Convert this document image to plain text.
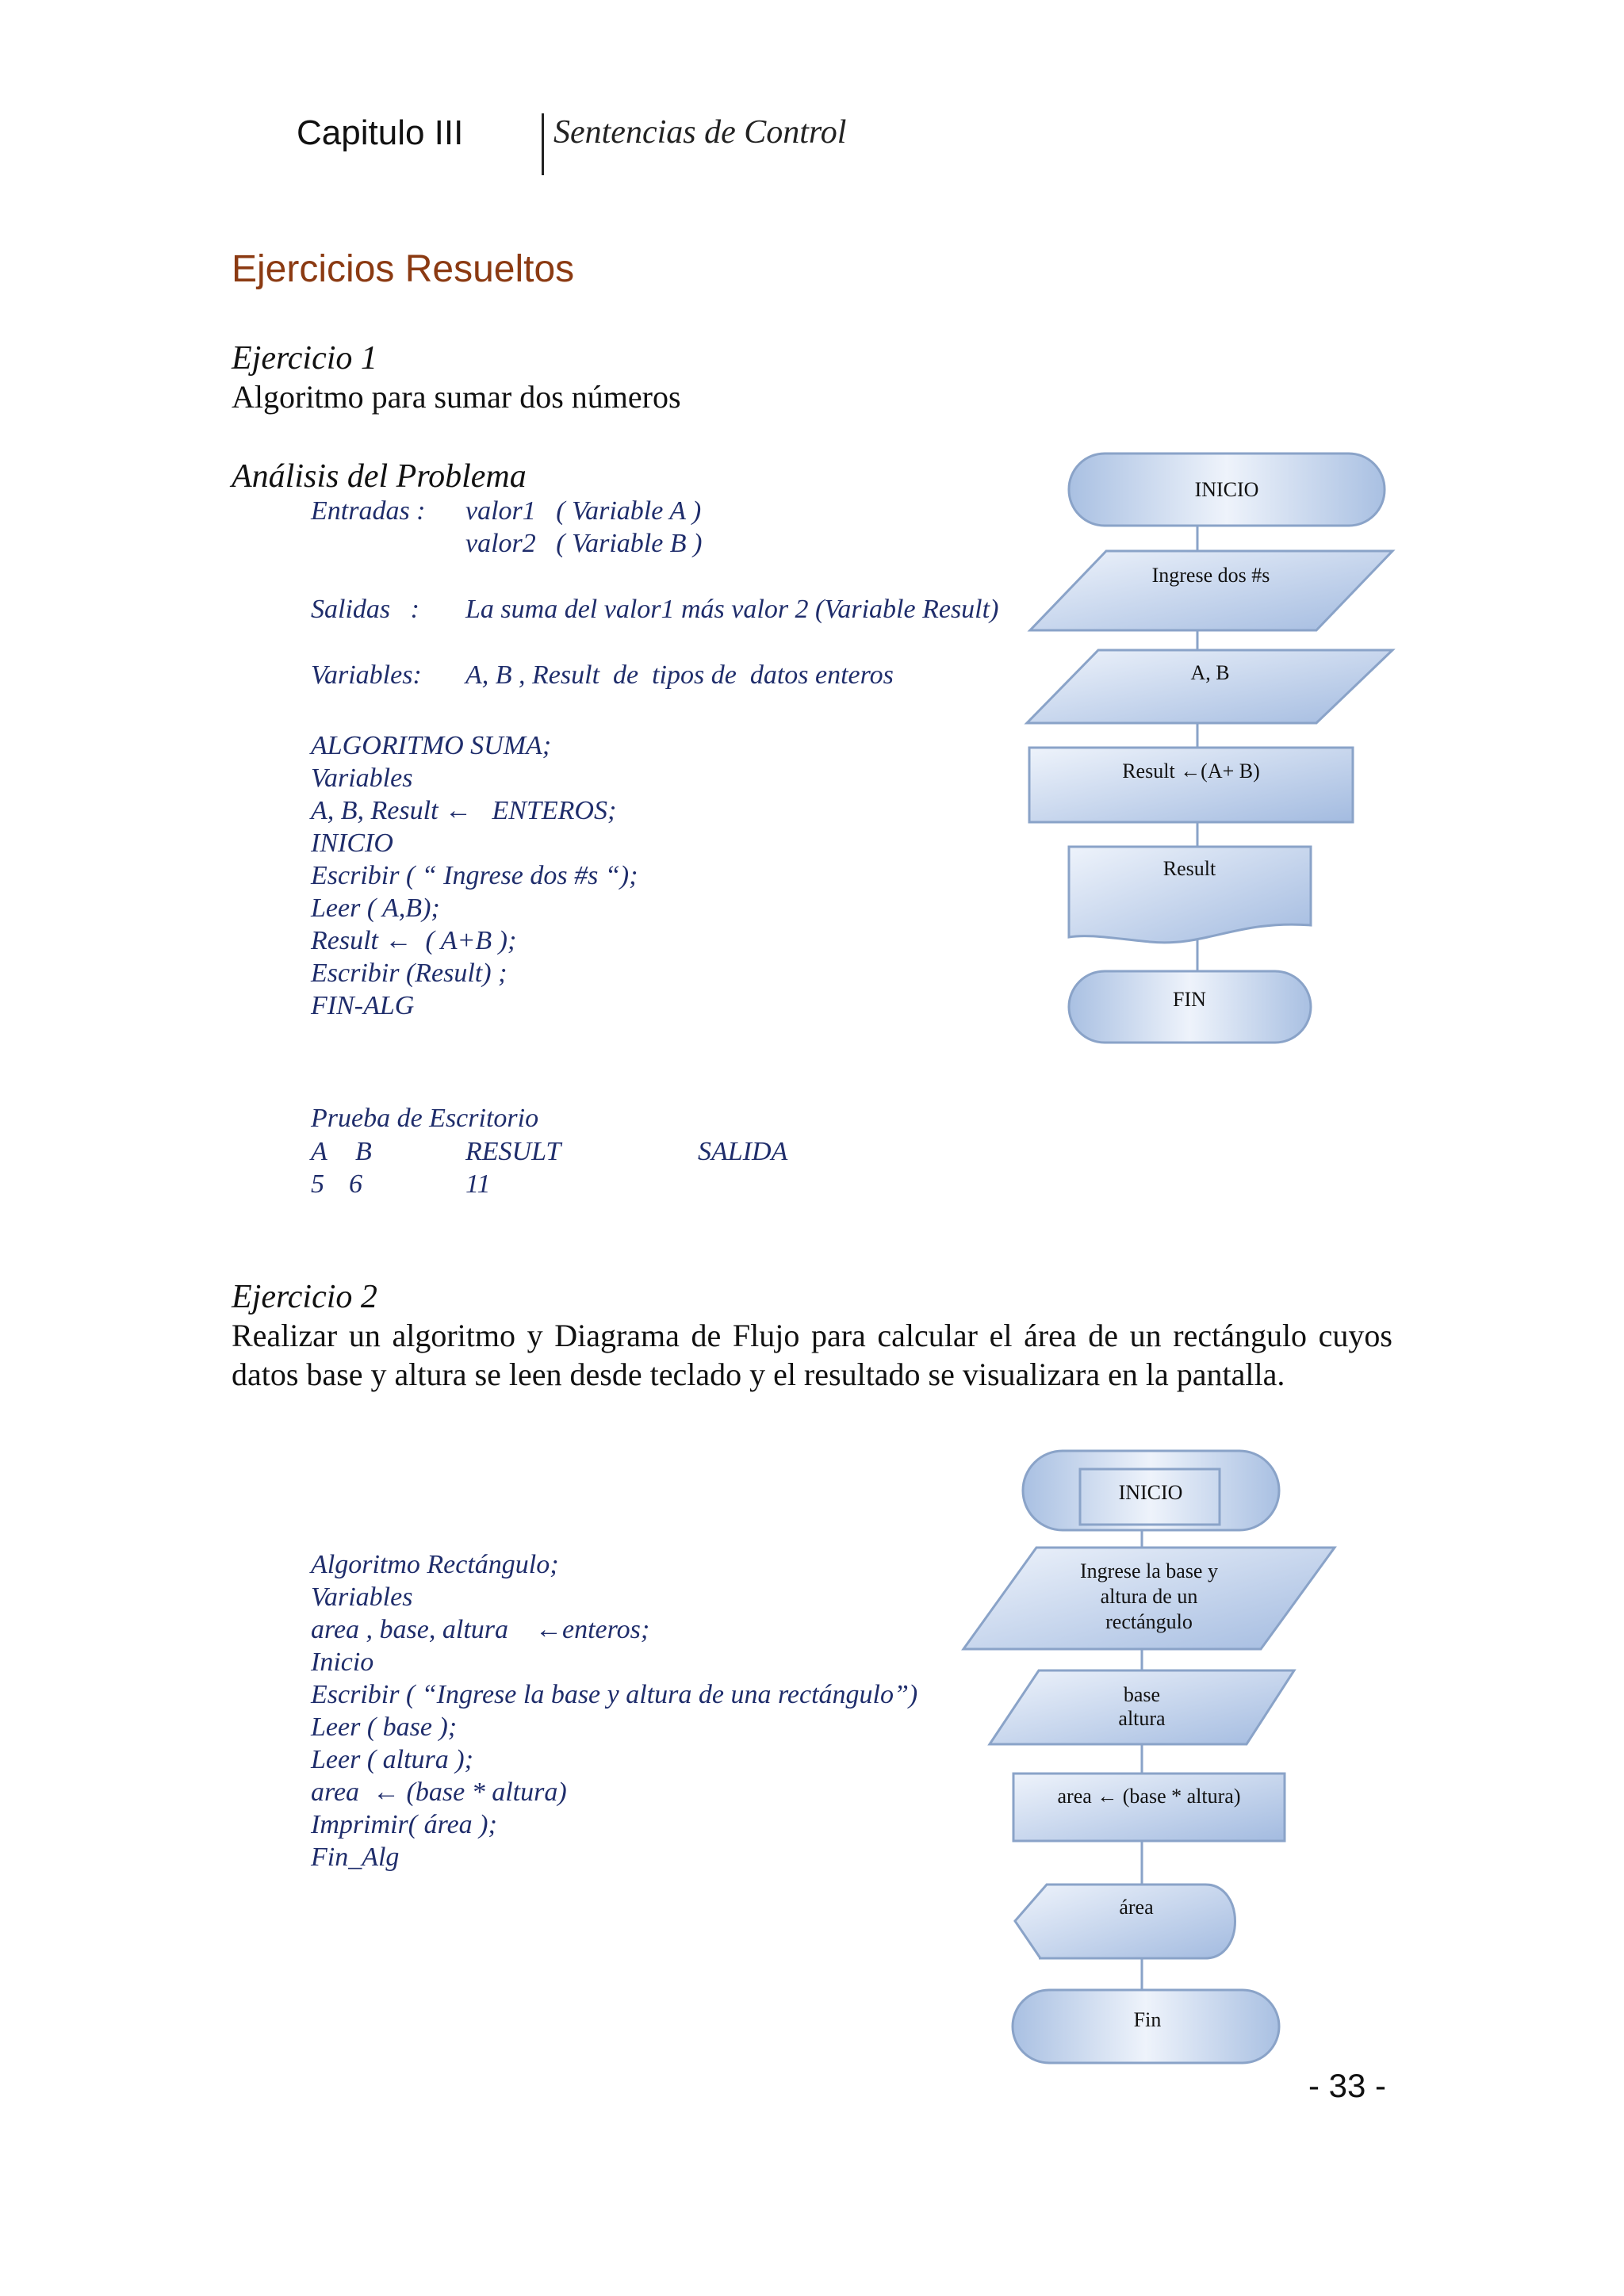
Capitulo III	Sentencias de Control
Ejercicios Resueltos
Ejercicio 1
Algoritmo para sumar dos números
Análisis del Problema
Entradas : valor1   ( Variable A )
valor2   ( Variable B )
Salidas   : La suma del valor1 más valor 2 (Variable Result)
Variables: A, B , Result  de  tipos de  datos enteros
ALGORITMO SUMA;
Variables
A, B, Result ←   ENTEROS;
INICIO
Escribir ( “ Ingrese dos #s “);
Leer ( A,B);
Result ←  ( A+B );
Escribir (Result) ;
FIN-ALG
Prueba de Escritorio
A B	RESULT	SALIDA
5 6	11
INICIO
Ingrese dos #s
A, B
Result ←(A+ B)
Result
FIN
INICIO
Ingrese la base y
altura de un
rectángulo
base
altura
area ← (base * altura)
área
Fin
Ejercicio 2
Realizar un algoritmo y Diagrama de Flujo para calcular el área de un rectángulo cuyos datos base y altura se leen desde teclado y el resultado se visualizara en la pantalla.
Algoritmo Rectángulo;
Variables
area , base, altura    ←enteros;
Inicio
Escribir ( “Ingrese la base y altura de una rectángulo”)
Leer ( base );
Leer ( altura );
area  ← (base * altura)
Imprimir( área );
Fin_Alg
- 33 -
